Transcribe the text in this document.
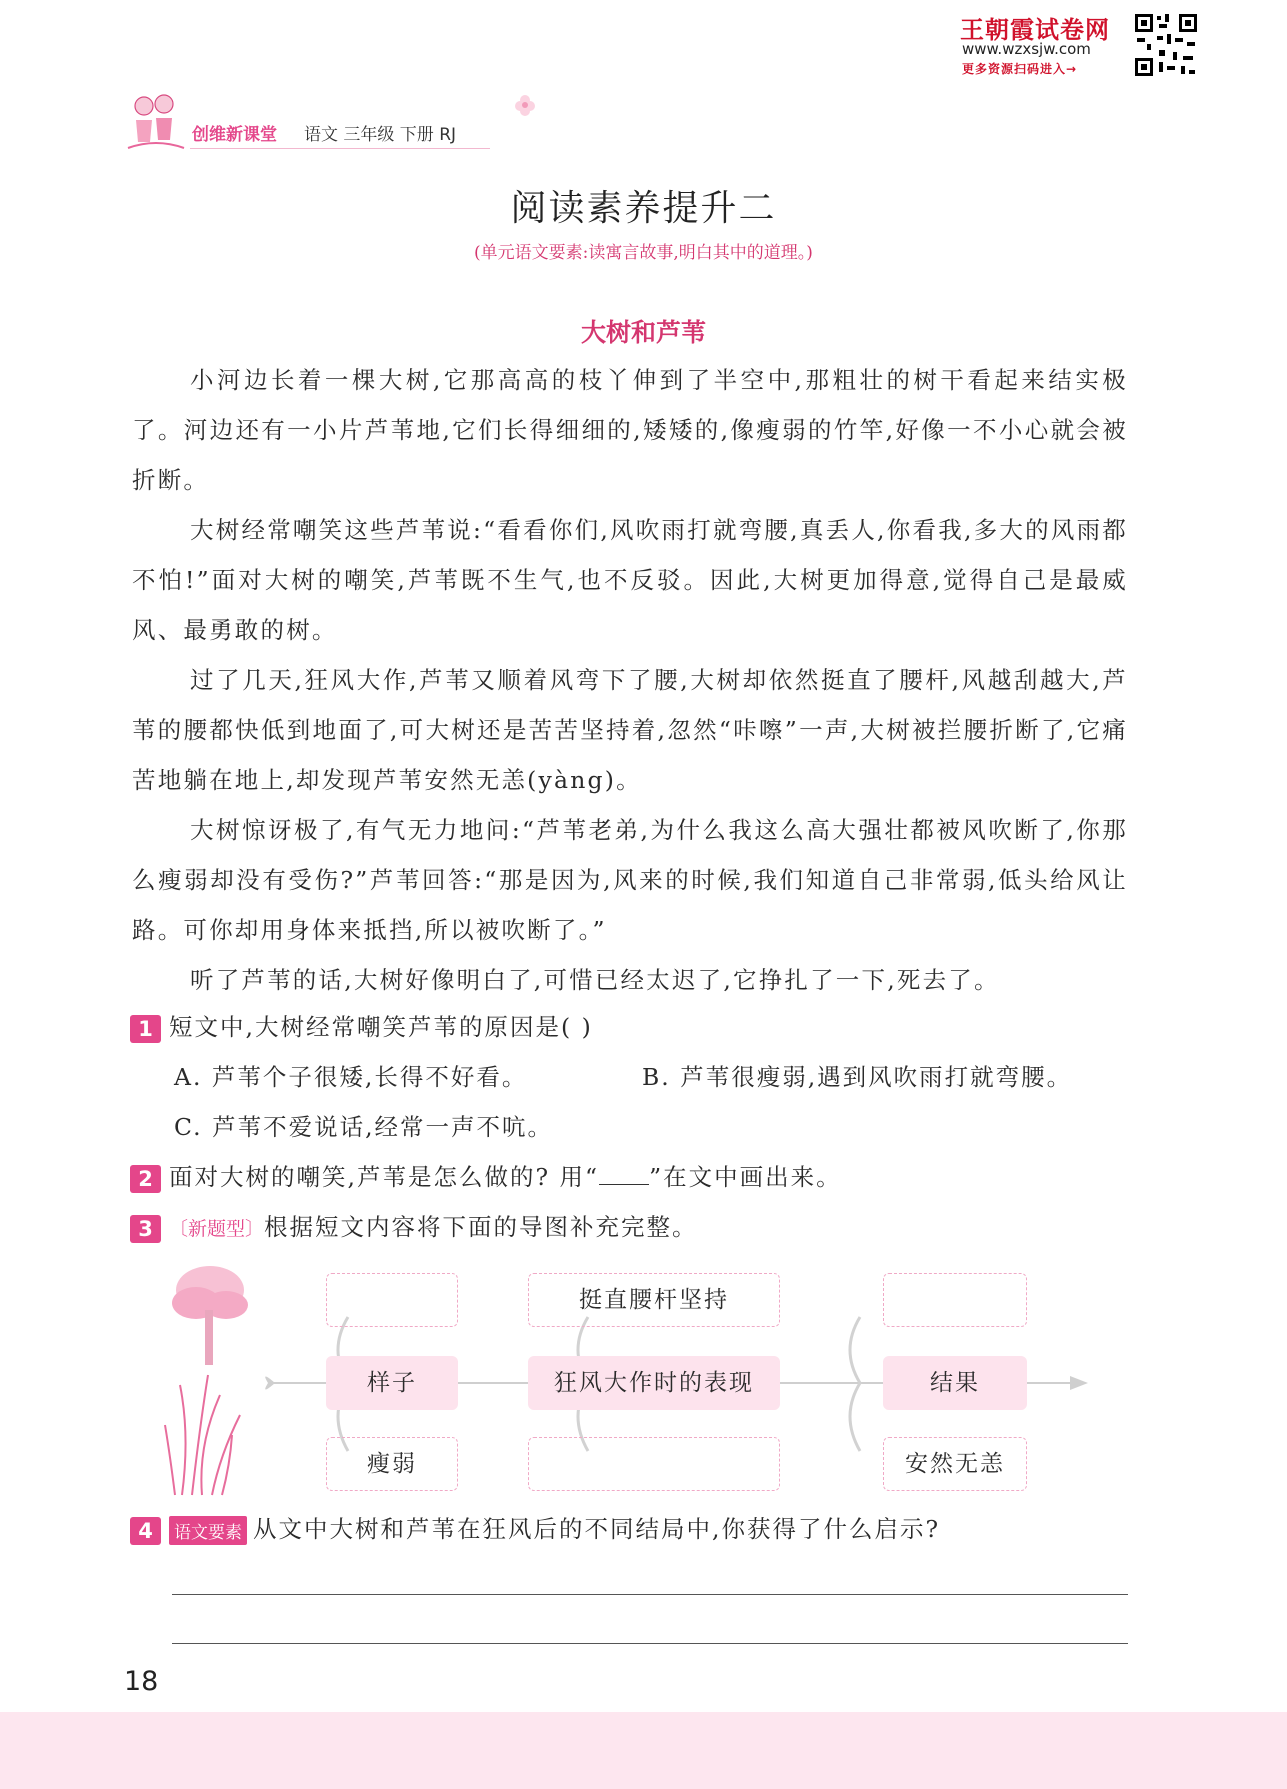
王朝霞试卷网
www.wzxsjw.com
更多资源扫码进入→
创维新课堂 语文 三年级 下册 RJ
阅读素养提升二
(单元语文要素:读寓言故事,明白其中的道理。)
大树和芦苇

小河边长着一棵大树,它那高高的枝丫伸到了半空中,那粗壮的树干看起来结实极了。河边还有一小片芦苇地,它们长得细细的,矮矮的,像瘦弱的竹竿,好像一不小心就会被折断。

大树经常嘲笑这些芦苇说:“看看你们,风吹雨打就弯腰,真丢人,你看我,多大的风雨都不怕!”面对大树的嘲笑,芦苇既不生气,也不反驳。因此,大树更加得意,觉得自己是最威风、最勇敢的树。

过了几天,狂风大作,芦苇又顺着风弯下了腰,大树却依然挺直了腰杆,风越刮越大,芦苇的腰都快低到地面了,可大树还是苦苦坚持着,忽然“咔嚓”一声,大树被拦腰折断了,它痛苦地躺在地上,却发现芦苇安然无恙(yàng)。

大树惊讶极了,有气无力地问:“芦苇老弟,为什么我这么高大强壮都被风吹断了,你那么瘦弱却没有受伤?”芦苇回答:“那是因为,风来的时候,我们知道自己非常弱,低头给风让路。可你却用身体来抵挡,所以被吹断了。”

听了芦苇的话,大树好像明白了,可惜已经太迟了,它挣扎了一下,死去了。

1 短文中,大树经常嘲笑芦苇的原因是( )
A. 芦苇个子很矮,长得不好看。	B. 芦苇很瘦弱,遇到风吹雨打就弯腰。
C. 芦苇不爱说话,经常一声不吭。
2 面对大树的嘲笑,芦苇是怎么做的? 用“ ”在文中画出来。
3 〔新题型〕根据短文内容将下面的导图补充完整。
挺直腰杆坚持
样子	狂风大作时的表现	结果
瘦弱	安然无恙
4 语文要素 从文中大树和芦苇在狂风后的不同结局中,你获得了什么启示?
18
